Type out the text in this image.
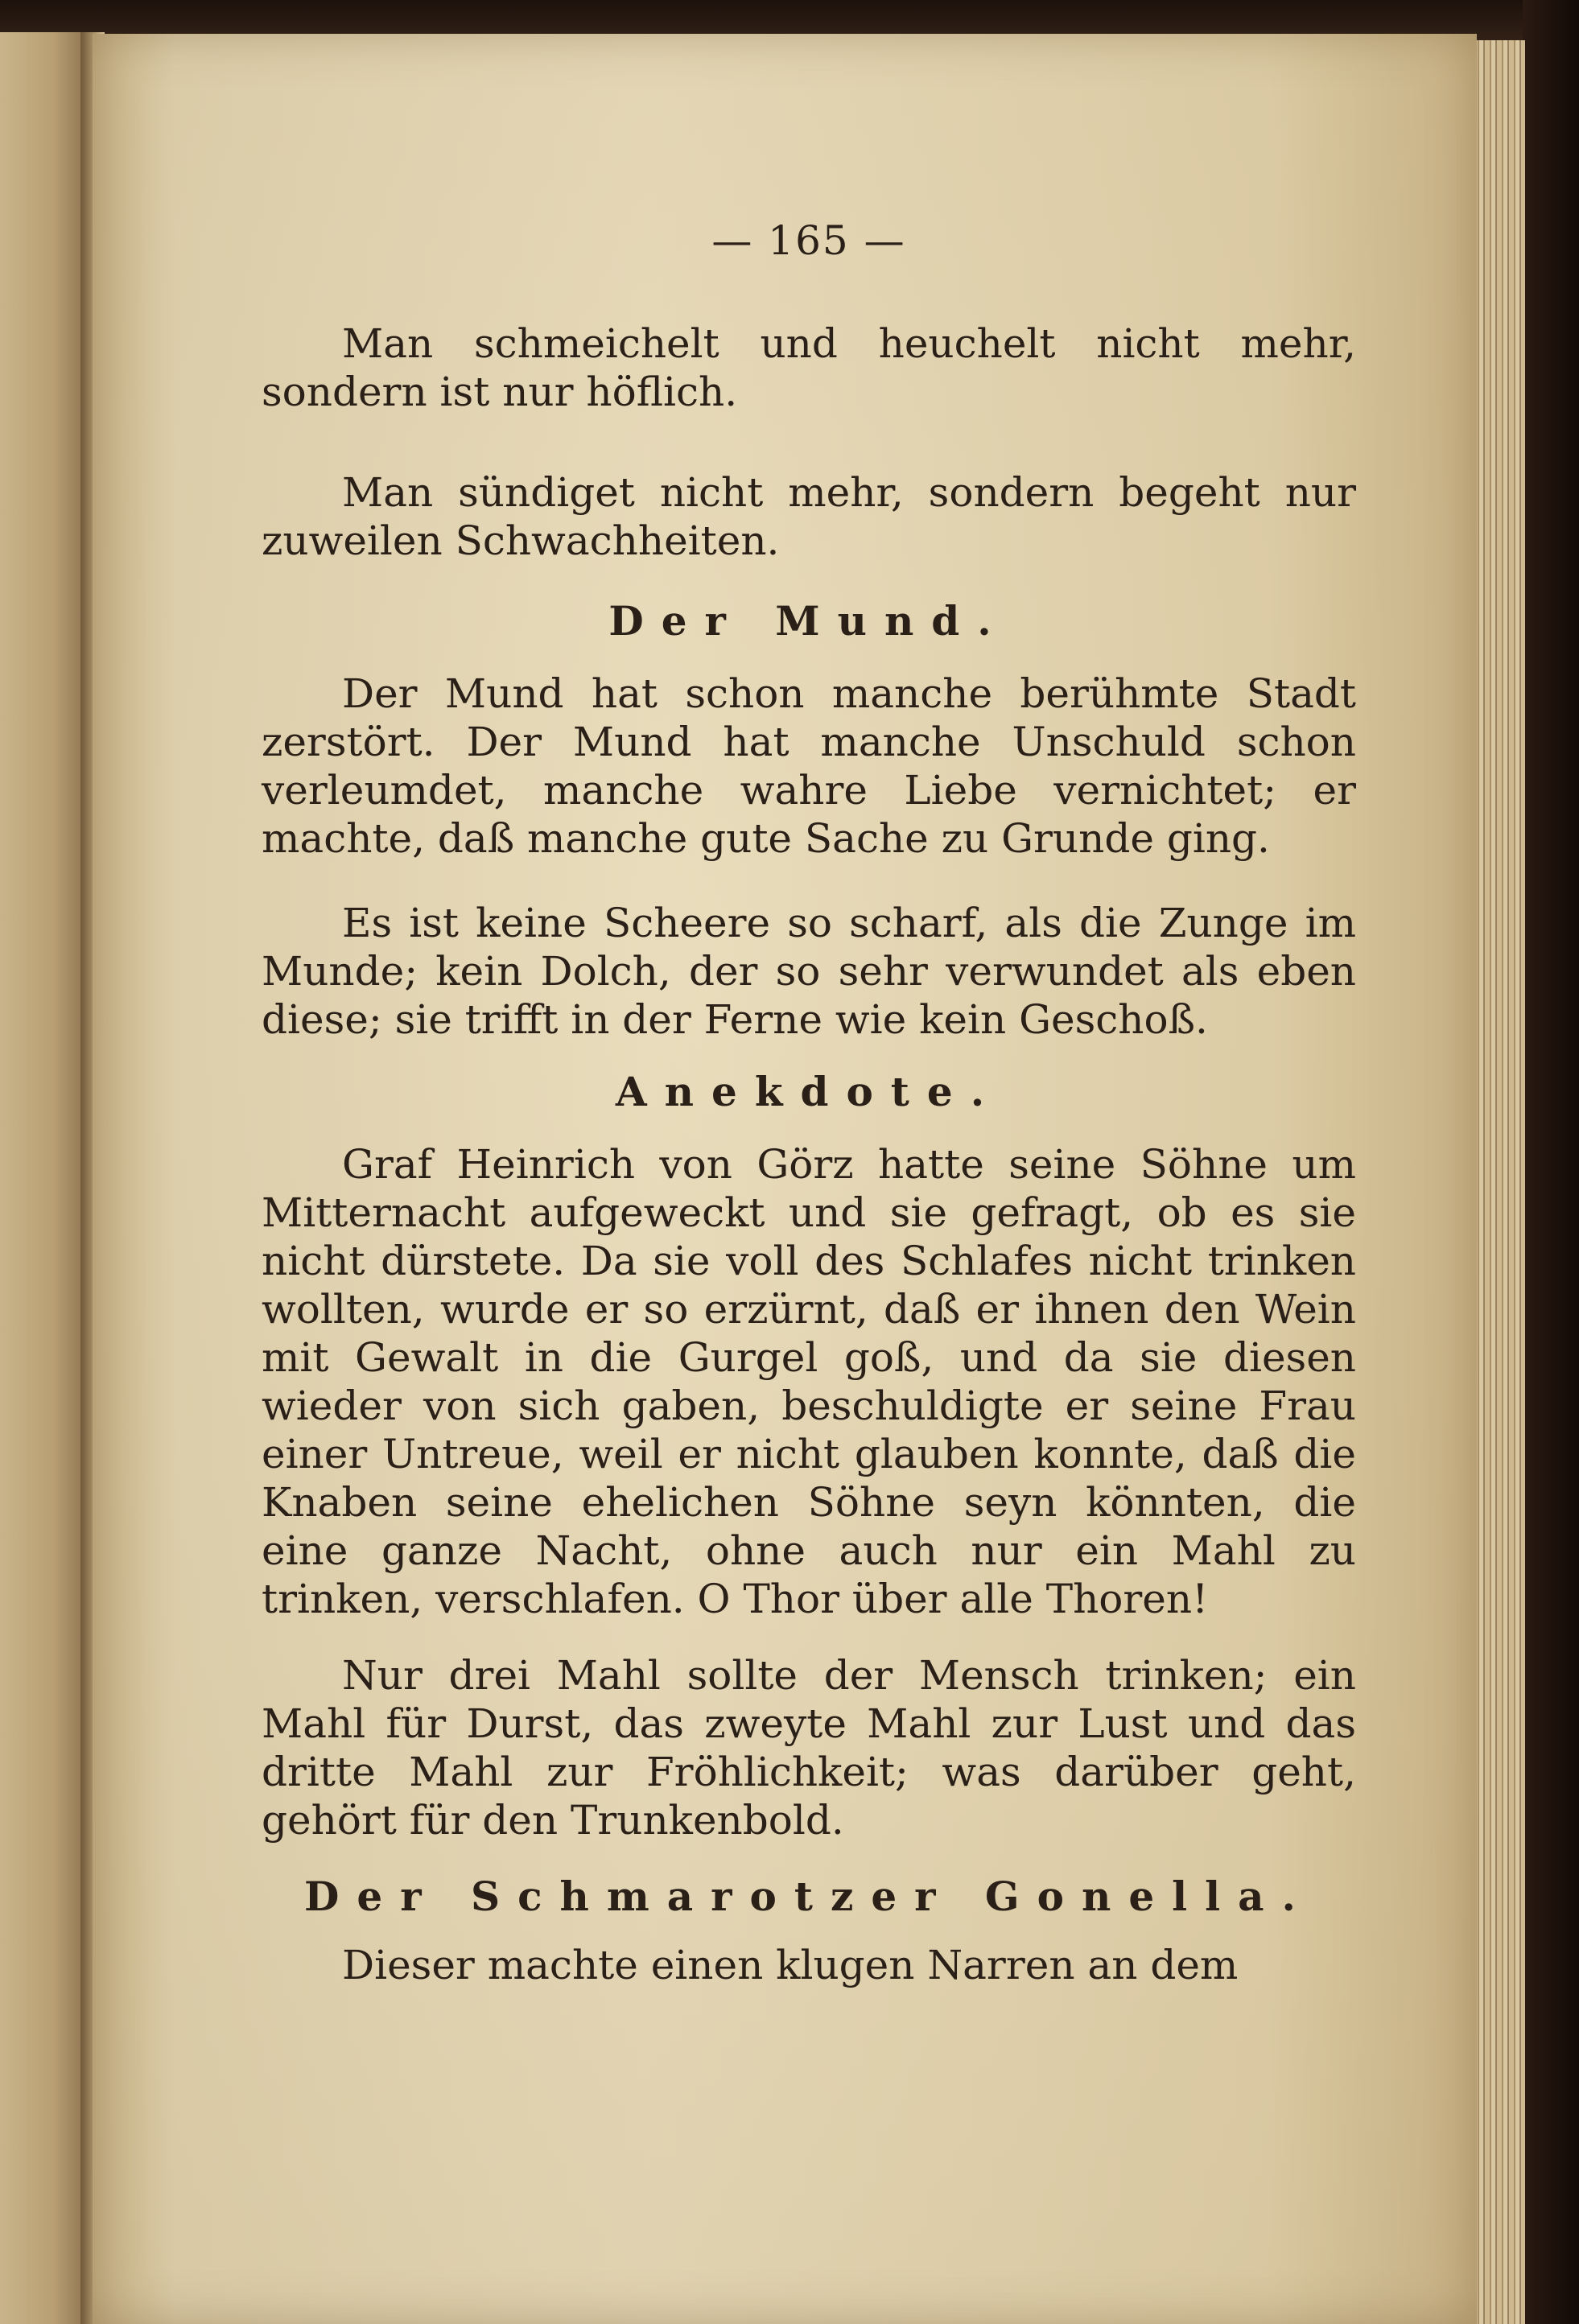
— 165 —

Man schmeichelt und heuchelt nicht mehr, sondern ist nur höflich.

Man sündiget nicht mehr, sondern begeht nur zuweilen Schwachheiten.

Der Mund.

Der Mund hat schon manche berühmte Stadt zerstört. Der Mund hat manche Unschuld schon verleumdet, manche wahre Liebe vernichtet; er machte, daß manche gute Sache zu Grunde ging.

Es ist keine Scheere so scharf, als die Zunge im Munde; kein Dolch, der so sehr verwundet als eben diese; sie trifft in der Ferne wie kein Geschoß.

Anekdote.

Graf Heinrich von Görz hatte seine Söhne um Mitternacht aufgeweckt und sie gefragt, ob es sie nicht dürstete. Da sie voll des Schlafes nicht trinken wollten, wurde er so erzürnt, daß er ihnen den Wein mit Gewalt in die Gurgel goß, und da sie diesen wieder von sich gaben, beschuldigte er seine Frau einer Untreue, weil er nicht glauben konnte, daß die Knaben seine ehelichen Söhne seyn könnten, die eine ganze Nacht, ohne auch nur ein Mahl zu trinken, verschlafen. O Thor über alle Thoren!

Nur drei Mahl sollte der Mensch trinken; ein Mahl für Durst, das zweyte Mahl zur Lust und das dritte Mahl zur Fröhlichkeit; was darüber geht, gehört für den Trunkenbold.

Der Schmarotzer Gonella.

Dieser machte einen klugen Narren an dem
